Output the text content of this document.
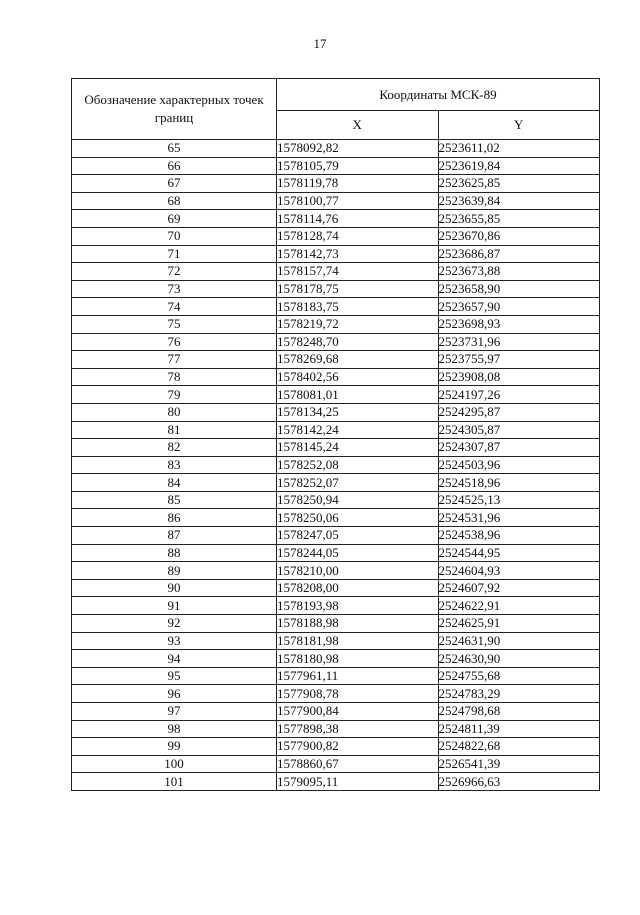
17
Обозначение характерных точек границ	Координаты МСК-89	
	X	Y
65	1578092,82	2523611,02
66	1578105,79	2523619,84
67	1578119,78	2523625,85
68	1578100,77	2523639,84
69	1578114,76	2523655,85
70	1578128,74	2523670,86
71	1578142,73	2523686,87
72	1578157,74	2523673,88
73	1578178,75	2523658,90
74	1578183,75	2523657,90
75	1578219,72	2523698,93
76	1578248,70	2523731,96
77	1578269,68	2523755,97
78	1578402,56	2523908,08
79	1578081,01	2524197,26
80	1578134,25	2524295,87
81	1578142,24	2524305,87
82	1578145,24	2524307,87
83	1578252,08	2524503,96
84	1578252,07	2524518,96
85	1578250,94	2524525,13
86	1578250,06	2524531,96
87	1578247,05	2524538,96
88	1578244,05	2524544,95
89	1578210,00	2524604,93
90	1578208,00	2524607,92
91	1578193,98	2524622,91
92	1578188,98	2524625,91
93	1578181,98	2524631,90
94	1578180,98	2524630,90
95	1577961,11	2524755,68
96	1577908,78	2524783,29
97	1577900,84	2524798,68
98	1577898,38	2524811,39
99	1577900,82	2524822,68
100	1578860,67	2526541,39
101	1579095,11	2526966,63
